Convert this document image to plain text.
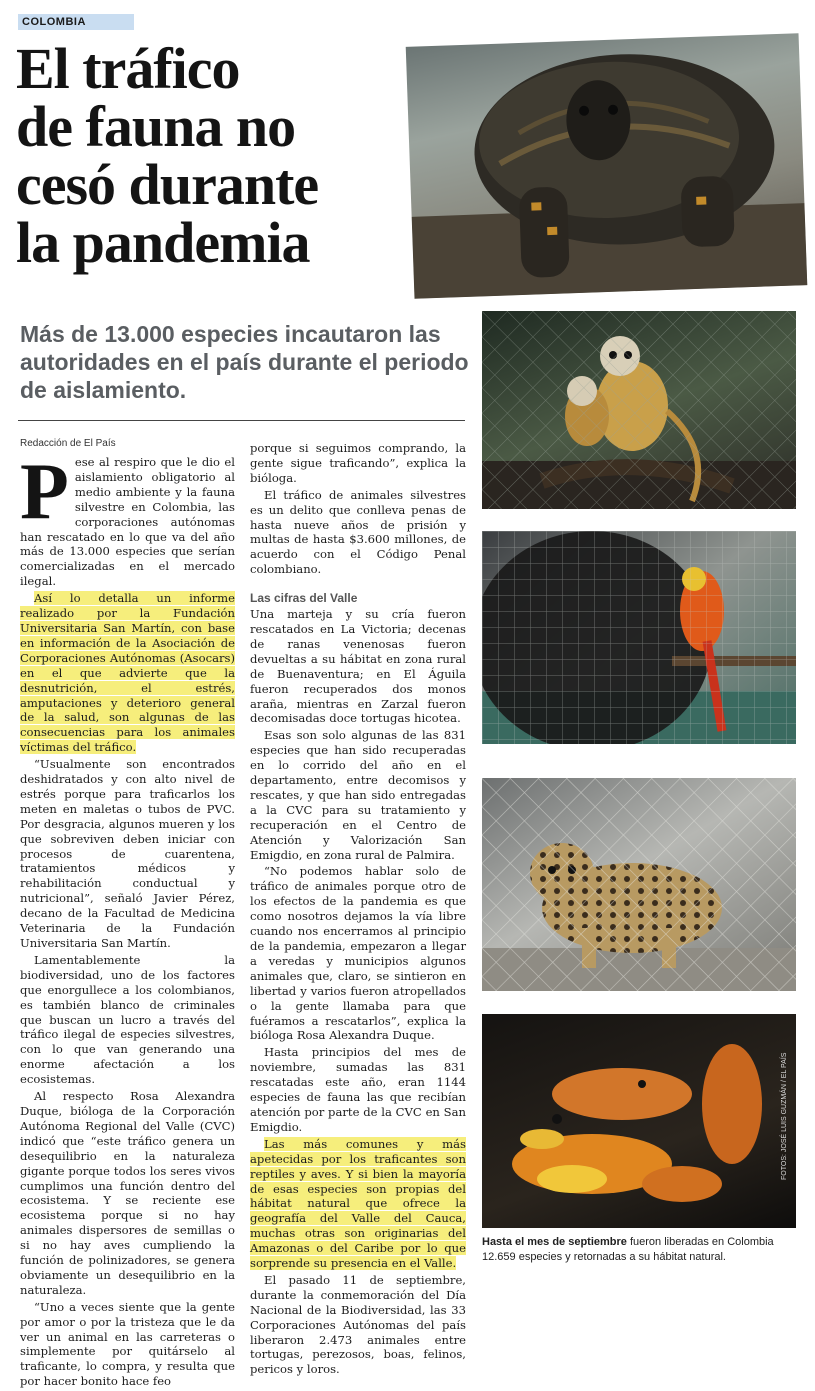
COLOMBIA
El tráfico
de fauna no
cesó durante
la pandemia
Más de 13.000 especies incautaron las autoridades en el país durante el periodo de aislamiento.
Redacción de El País

Pese al respiro que le dio el aislamiento obligatorio al medio ambiente y la fauna silvestre en Colombia, las corporaciones autónomas han rescatado en lo que va del año más de 13.000 especies que serían comercializadas en el mercado ilegal.

Así lo detalla un informe realizado por la Fundación Universitaria San Martín, con base en información de la Asociación de Corporaciones Autónomas (Asocars) en el que advierte que la desnutrición, el estrés, amputaciones y deterioro general de la salud, son algunas de las consecuencias para los animales víctimas del tráfico.

“Usualmente son encontrados deshidratados y con alto nivel de estrés porque para traficarlos los meten en maletas o tubos de PVC. Por desgracia, algunos mueren y los que sobreviven deben iniciar con procesos de cuarentena, tratamientos médicos y rehabilitación conductual y nutricional”, señaló Javier Pérez, decano de la Facultad de Medicina Veterinaria de la Fundación Universitaria San Martín.

Lamentablemente la biodiversidad, uno de los factores que enorgullece a los colombianos, es también blanco de criminales que buscan un lucro a través del tráfico ilegal de especies silvestres, con lo que van generando una enorme afectación a los ecosistemas.

Al respecto Rosa Alexandra Duque, bióloga de la Corporación Autónoma Regional del Valle (CVC) indicó que “este tráfico genera un desequilibrio en la naturaleza gigante porque todos los seres vivos cumplimos una función dentro del ecosistema. Y se reciente ese ecosistema porque si no hay animales dispersores de semillas o si no hay aves cumpliendo la función de polinizadores, se genera obviamente un desequilibrio en la naturaleza.

“Uno a veces siente que la gente por amor o por la tristeza que le da ver un animal en las carreteras o simplemente por quitárselo al traficante, lo compra, y resulta que por hacer bonito hace feo

porque si seguimos comprando, la gente sigue traficando”, explica la bióloga.

El tráfico de animales silvestres es un delito que conlleva penas de hasta nueve años de prisión y multas de hasta $3.600 millones, de acuerdo con el Código Penal colombiano.

Las cifras del Valle

Una marteja y su cría fueron rescatados en La Victoria; decenas de ranas venenosas fueron devueltas a su hábitat en zona rural de Buenaventura; en El Águila fueron recuperados dos monos araña, mientras en Zarzal fueron decomisadas doce tortugas hicotea.

Esas son solo algunas de las 831 especies que han sido recuperadas en lo corrido del año en el departamento, entre decomisos y rescates, y que han sido entregadas a la CVC para su tratamiento y recuperación en el Centro de Atención y Valorización San Emigdio, en zona rural de Palmira.

“No podemos hablar solo de tráfico de animales porque otro de los efectos de la pandemia es que como nosotros dejamos la vía libre cuando nos encerramos al principio de la pandemia, empezaron a llegar a veredas y municipios algunos animales que, claro, se sintieron en libertad y varios fueron atropellados o la gente llamaba para que fuéramos a rescatarlos”, explica la bióloga Rosa Alexandra Duque.

Hasta principios del mes de noviembre, sumadas las 831 rescatadas este año, eran 1144 especies de fauna las que recibían atención por parte de la CVC en San Emigdio.

Las más comunes y más apetecidas por los traficantes son reptiles y aves. Y si bien la mayoría de esas especies son propias del hábitat natural que ofrece la geografía del Valle del Cauca, muchas otras son originarias del Amazonas o del Caribe por lo que sorprende su presencia en el Valle.

El pasado 11 de septiembre, durante la conmemoración del Día Nacional de la Biodiversidad, las 33 Corporaciones Autónomas del país liberaron 2.473 animales entre tortugas, perezosos, boas, felinos, pericos y loros.

Hasta el mes de septiembre fueron liberadas en Colombia 12.659 especies y retornadas a su hábitat natural.
